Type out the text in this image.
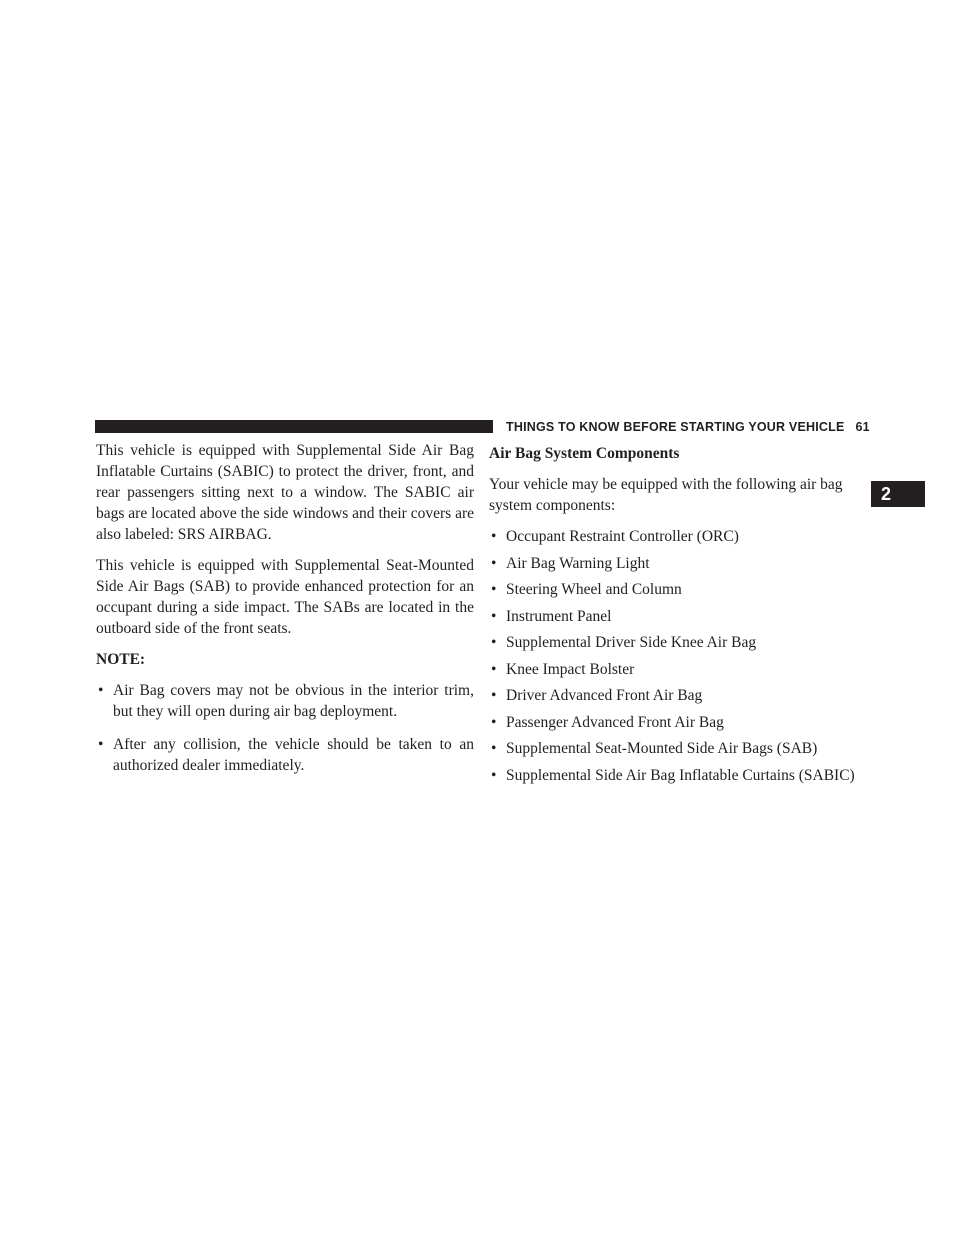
THINGS TO KNOW BEFORE STARTING YOUR VEHICLE 61
2

This vehicle is equipped with Supplemental Side Air Bag Inflatable Curtains (SABIC) to protect the driver, front, and rear passengers sitting next to a window. The SABIC air bags are located above the side windows and their covers are also labeled: SRS AIRBAG.

This vehicle is equipped with Supplemental Seat-Mounted Side Air Bags (SAB) to provide enhanced protection for an occupant during a side impact. The SABs are located in the outboard side of the front seats.

NOTE:
• Air Bag covers may not be obvious in the interior trim, but they will open during air bag deployment.
• After any collision, the vehicle should be taken to an authorized dealer immediately.
Air Bag System Components

Your vehicle may be equipped with the following air bag system components:

• Occupant Restraint Controller (ORC)
• Air Bag Warning Light
• Steering Wheel and Column
• Instrument Panel
• Supplemental Driver Side Knee Air Bag
• Knee Impact Bolster
• Driver Advanced Front Air Bag
• Passenger Advanced Front Air Bag
• Supplemental Seat-Mounted Side Air Bags (SAB)
• Supplemental Side Air Bag Inflatable Curtains (SABIC)
